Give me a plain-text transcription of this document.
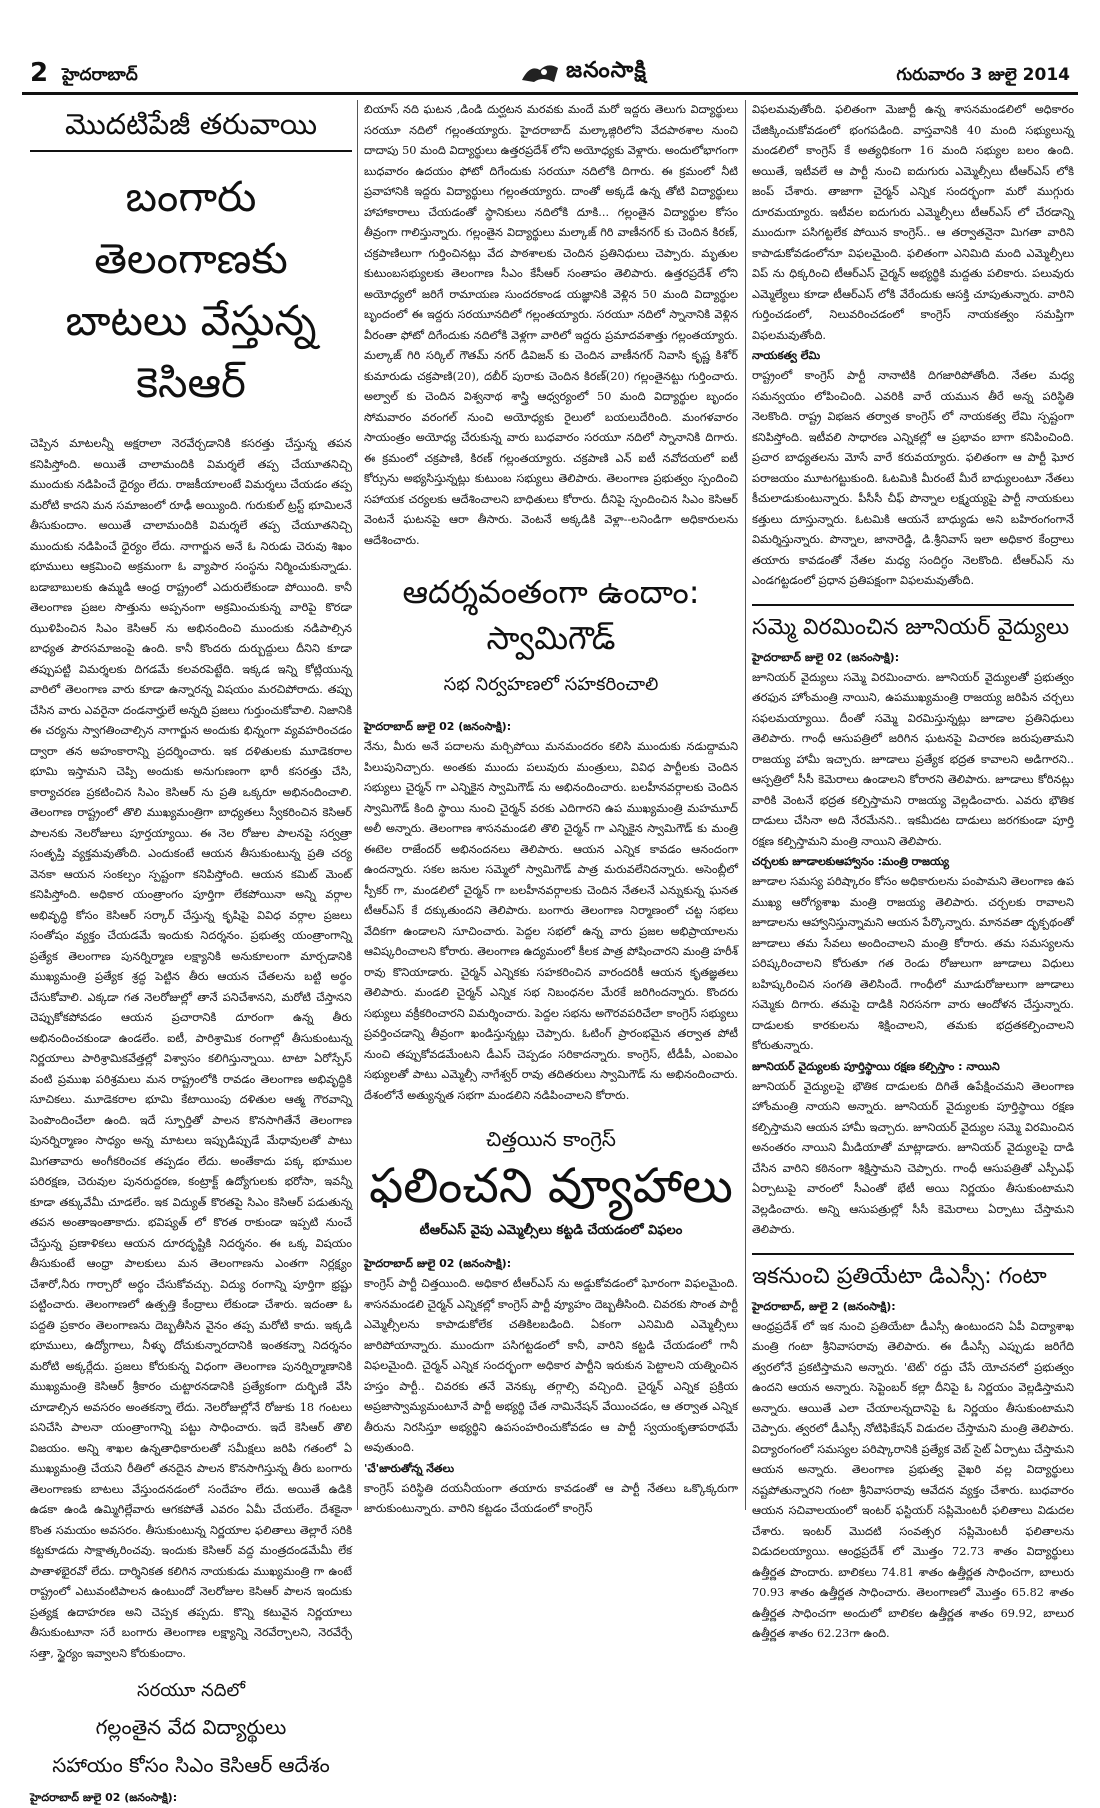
2 హైదరాబాద్	జనంసాక్షి	గురువారం 3 జులై 2014
మొదటిపేజీ తరువాయి
బంగారు తెలంగాణకు
బాటలు వేస్తున్న కెసిఆర్

చెప్పిన మాటలన్నీ అక్షరాలా నెరవేర్చడానికి కసరత్తు చేస్తున్న తపన కనిపిస్తోంది. అయితే చాలామందికి విమర్శలే తప్ప చేయూతనిచ్చి ముందుకు నడిపించే ధైర్యం లేదు. రాజకీయాలంటే విమర్శలు చేయడం తప్ప మరోటి కాదని మన సమాజంలో రూఢీ అయ్యింది. గురుకుల్ ట్రస్ట్ భూమిలనే తీసుకుందాం. అయితే చాలామందికి విమర్శలే తప్ప చేయూతనిచ్చి ముందుకు నడిపించే ధైర్యం లేదు. నాగార్జున అనే ఓ నిరుడు చెరువు శిఖం భూములు ఆక్రమించి అక్రమంగా ఓ వ్యాపార సంస్థను నిర్మించుకున్నాడు. బడాబాబులకు ఉమ్మడి ఆంధ్ర రాష్ట్రంలో ఎదురులేకుండా పోయింది. కానీ తెలంగాణ ప్రజల సొత్తును అప్పనంగా అక్రమించుకున్న వారిపై కొరడా ఝుళిపించిన సిఎం కెసిఆర్ ను అభినందించి ముందుకు నడిపాల్సిన బాధ్యత పౌరసమాజంపై ఉంది. కానీ కొందరు దుర్బుద్దులు దీనిని కూడా తప్పుపట్టి విమర్శలకు దిగడమే కలవరపెట్టేది. ఇక్కడ ఇన్ని కోట్లియున్న వారిలో తెలంగాణ వారు కూడా ఉన్నారన్న విషయం మరచిపోరాదు. తప్పు చేసిన వారు ఎవరైనా దండనార్హులే అన్నది ప్రజలు గుర్తుంచుకోవాలి. నిజానికి ఈ చర్యను స్వాగతించాల్సిన నాగార్జున అందుకు భిన్నంగా వ్యవహరించడం ద్వారా తన అహంకారాన్ని ప్రదర్శించారు. ఇక దళితులకు మూడెకరాల భూమి ఇస్తామని చెప్పి అందుకు అనుగుణంగా భారీ కసరత్తు చేసి, కార్యాచరణ ప్రకటించిన సిఎం కెసిఆర్ ను ప్రతి ఒక్కరూ అభినందించాలి. తెలంగాణ రాష్ట్రంలో తొలి ముఖ్యమంత్రిగా బాధ్యతలు స్వీకరించిన కెసిఆర్ పాలనకు నెలరోజులు పూర్తయ్యాయి. ఈ నెల రోజుల పాలనపై సర్వత్రా సంతృప్తి వ్యక్తమవుతోంది. ఎందుకంటే ఆయన తీసుకుంటున్న ప్రతి చర్య వెనకా ఆయన సంకల్పం స్పష్టంగా కనిపిస్తోంది. ఆయన కమిట్ మెంట్ కనిపిస్తోంది. అధికార యంత్రాంగం పూర్తిగా లేకపోయినా అన్ని వర్గాల అభివృద్ధి కోసం కెసిఆర్ సర్కార్ చేస్తున్న కృషిపై వివిధ వర్గాల ప్రజలు సంతోషం వ్యక్తం చేయడమే ఇందుకు నిదర్శనం. ప్రభుత్వ యంత్రాంగాన్ని ప్రత్యేక తెలంగాణ పునర్నిర్మాణ లక్ష్యానికి అనుకూలంగా మార్చడానికి ముఖ్యమంత్రి ప్రత్యేక శ్రద్ధ పెట్టిన తీరు ఆయన చేతలను బట్టి అర్థం చేసుకోవాలి. ఎక్కడా గత నెలరోజుల్లో తానే పనిచేశానని, మరోటి చేస్తానని చెప్పుకోకపోవడం ఆయన ప్రచారానికి దూరంగా ఉన్న తీరు అభినందించకుండా ఉండలేం. ఐటీ, పారిశ్రామిక రంగాల్లో తీసుకుంటున్న నిర్ణయాలు పారిశ్రామికవేత్తల్లో విశ్వాసం కలిగిస్తున్నాయి. టాటా ఏరోస్పేస్ వంటి ప్రముఖ పరిశ్రమలు మన రాష్ట్రంలోకి రావడం తెలంగాణ అభివృద్ధికి సూచికలు. మూడెకరాల భూమి కేటాయింపు దళితుల ఆత్మ గౌరవాన్ని పెంపొందించేలా ఉంది. ఇదే స్ఫూర్తితో పాలన కొనసాగితేనే తెలంగాణ పునర్నిర్మాణం సాధ్యం అన్న మాటలు ఇప్పుడిప్పుడే మేధావులతో పాటు మిగతావారు అంగీకరించక తప్పడం లేదు. అంతేకాదు పక్క భూముల పరిరక్షణ, చెరువుల పునరుద్దరణ, కంట్రాక్ట్ ఉద్యోగులకు భరోసా, ఇవన్నీ కూడా తక్కువేమీ చూడలేం. ఇక విద్యుత్ కొరతపై సిఎం కెసిఆర్ పడుతున్న తపన అంతాఇంతాకాదు. భవిష్యత్ లో కొరత రాకుండా ఇప్పటి నుంచే చేస్తున్న ప్రణాళికలు ఆయన దూరదృష్టికి నిదర్శనం. ఈ ఒక్క విషయం తీసుకుంటే ఆంధ్రా పాలకులు మన తెలంగాణను ఎంతగా నిర్లక్ష్యం చేశారో,నీరు గార్చారో అర్థం చేసుకోవచ్చు. విద్యు రంగాన్ని పూర్తిగా భ్రష్టు పట్టించారు. తెలంగాణలో ఉత్పత్తి కేంద్రాలు లేకుండా చేశారు. ఇదంతా ఓ పద్దతి ప్రకారం తెలంగాణను దెబ్బతీసిన వైనం తప్ప మరోటి కాదు. ఇక్కడి భూములు, ఉద్యోగాలు, నీళ్ళు దోచుకున్నారదానికి ఇంతకన్నా నిదర్శనం మరోటి అక్కర్లేదు. ప్రజలు కోరుకున్న విధంగా తెలంగాణ పునర్నిర్మాణానికి ముఖ్యమంత్రి కెసిఆర్ శ్రీకారం చుట్టారనడానికి ప్రత్యేకంగా దుర్భిణి వేసి చూడాల్సిన అవసరం అంతకన్నా లేదు. నెలరోజుల్లోనే రోజుకు 18 గంటలు పనిచేసి పాలనా యంత్రాంగాన్ని పట్టు సాధించారు. ఇదే కెసిఆర్ తొలి విజయం. అన్ని శాఖల ఉన్నతాధికారులతో సమీక్షలు జరిపి గతంలో ఏ ముఖ్యమంత్రి చేయని రీతిలో తనదైన పాలన కొనసాగిస్తున్న తీరు బంగారు తెలంగాణకు బాటలు వేస్తుందనడంలో సందేహం లేదు. అయితే ఉడికి ఉడకా ఉండి ఉమ్మిగిల్లేవారు ఆగకపోతే ఎవరం ఏమీ చేయలేం. దేశకైనా కొంత సమయం అవసరం. తీసుకుంటున్న నిర్ణయాల ఫలితాలు తెల్లారే సరికి కట్టకూడదు సాక్షాత్కరించవు. ఇందుకు కెసిఆర్ వద్ద మంత్రదండమేమీ లేక పాతాళభైరవో లేదు. దార్శినికత కలిగిన నాయకుడు ముఖ్యమంత్రి గా ఉంటే రాష్ట్రంలో ఎటువంటిపాలన ఉంటుందో నెలరోజుల కెసిఆర్ పాలన ఇందుకు ప్రత్యక్ష ఉదాహరణ అని చెప్పక తప్పదు. కొన్ని కటువైన నిర్ణయాలు తీసుకుంటూనా సరే బంగారు తెలంగాణ లక్ష్యాన్ని నెరవేర్చాలని, నెరవేర్చే సత్తా, స్థైర్యం ఇవ్వాలని కోరుకుందాం.

సరయూ నదిలో
గల్లంతైన వేద విద్యార్థులు
సహాయం కోసం సిఎం కెసిఆర్ ఆదేశం
హైదరాబాద్ జులై 02 (జనంసాక్షి):

బియాస్ నది ఘటన ,డిండి దుర్ఘటన మరవకు మందే మరో ఇద్దరు తెలుగు విద్యార్థులు సరయూ నదిలో గల్లంతయ్యారు. హైదరాబాద్ మల్కాజ్గిరిలోని వేదపాఠశాల నుంచి దాదాపు 50 మంది విద్యార్థులు ఉత్తరప్రదేశ్ లోని అయోధ్యకు వెళ్లారు. అందులోభాగంగా బుధవారం ఉదయం ఫోటో దిగేందుకు సరయూ నదిలోకి దిగారు. ఈ క్రమంలో నీటి ప్రవాహానికి ఇద్దరు విద్యార్థులు గల్లంతయ్యారు. దాంతో అక్కడే ఉన్న తోటి విద్యార్థులు హాహాకారాలు చేయడంతో స్థానికులు నదిలోకి దూకి... గల్లంతైన విద్యార్థుల కోసం తీవ్రంగా గాలిస్తున్నారు. గల్లంతైన విద్యార్థులు మల్కాజ్ గిరి వాణీనగర్ కు చెందిన కిరణ్, చక్రపాణిలుగా గుర్తించినట్లు వేద పాఠశాలకు చెందిన ప్రతినిధులు చెప్పారు. మృతుల కుటుంబసభ్యులకు తెలంగాణ సీఎం కేసీఆర్ సంతాపం తెలిపారు. ఉత్తరప్రదేశ్ లోని అయోధ్యలో జరిగే రామాయణ సుందరకాండ యజ్ఞానికి వెళ్లిన 50 మంది విద్యార్థుల బృందంలో ఈ ఇద్దరు సరయూనదిలో గల్లంతయ్యారు. సరయూ నదిలో స్నానానికి వెళ్లిన వీరంతా ఫోటో దిగేందుకు నదిలోకి వెళ్లగా వారిలో ఇద్దరు ప్రమాదవశాత్తు గల్లంతయ్యారు. మల్కాజ్ గిరి సర్కిల్ గౌతమ్ నగర్ డివిజన్ కు చెందిన వాణీనగర్ నివాసి కృష్ణ కిశోర్ కుమారుడు చక్రపాణి(20), దబీర్ పురాకు చెందిన కిరణ్(20) గల్లంతైనట్టు గుర్తించారు. అల్వాల్ కు చెందిన విశ్వనాథ శాస్త్రి ఆధ్వర్యంలో 50 మంది విద్యార్థుల బృందం సోమవారం వరంగల్ నుంచి అయోధ్యకు రైలులో బయలుదేరింది. మంగళవారం సాయంత్రం అయోధ్య చేరుకున్న వారు బుధవారం సరయూ నదిలో స్నానానికి దిగారు. ఈ క్రమంలో చక్రపాణి, కిరణ్ గల్లంతయ్యారు. చక్రపాణి ఎన్ ఐటీ నవోదయలో ఐటీ కోర్సును అభ్యసిస్తున్నట్లు కుటుంబ సభ్యులు తెలిపారు. తెలంగాణ ప్రభుత్వం స్పందించి సహాయక చర్యలకు ఆదేశించాలని బాధితులు కోరారు. దీనిపై స్పందించిన సిఎం కెసిఆర్ వెంటనే ఘటనపై ఆరా తీసారు. వెంటనే అక్కడికి వెళ్లా--లనిండిగా అధికారులను ఆదేశించారు.

ఆదర్శవంతంగా ఉందాం:
స్వామిగౌడ్
సభ నిర్వహణలో సహకరించాలి
హైదరాబాద్ జులై 02 (జనంసాక్షి):

నేను, మీరు అనే పదాలను మర్చిపోయి మనమందరం కలిసి ముందుకు నడుద్దామని పిలుపునిచ్చారు. అంతకు ముందు పలువురు మంత్రులు, వివిధ పార్టీలకు చెందిన సభ్యులు చైర్మన్ గా ఎన్నికైన స్వామిగౌడ్ ను అభినందించారు. బలహీనవర్గాలకు చెందిన స్వామిగౌడ్ కింది స్థాయి నుంచి చైర్మన్ వరకు ఎదిగారని ఉప ముఖ్యమంత్రి మహమూద్ అలీ అన్నారు. తెలంగాణ శాసనమండలి తొలి చైర్మన్ గా ఎన్నికైన స్వామిగౌడ్ కు మంత్రి ఈటెల రాజేందర్ అభినందనలు తెలిపారు. ఆయన ఎన్నిక కావడం ఆనందంగా ఉందన్నారు. సకల జనుల సమ్మెలో స్వామిగౌడ్ పాత్ర మరువలేనిదన్నారు. అసెంబ్లీలో స్పీకర్ గా, మండలిలో చైర్మన్ గా బలహీనవర్గాలకు చెందిన నేతలనే ఎన్నుకున్న ఘనత టీఆర్ఎస్ కే దక్కుతుందని తెలిపారు. బంగారు తెలంగాణ నిర్మాణంలో చట్ట సభలు వేదికగా ఉండాలని సూచించారు. పెద్దల సభలో ఉన్న వారు ప్రజల అభిప్రాయాలను ఆవిష్కరించాలని కోరారు. తెలంగాణ ఉద్యమంలో కీలక పాత్ర పోషించారని మంత్రి హరీశ్ రావు కొనియాడారు. చైర్మన్ ఎన్నికకు సహకరించిన వారందరికీ ఆయన కృతజ్ఞతలు తెలిపారు. మండలి చైర్మన్ ఎన్నిక సభ నిబంధనల మేరకే జరిగిందన్నారు. కొందరు సభ్యులు వక్రీకరించారని విమర్శించారు. పెద్దల సభను అగౌరవపరిచేలా కాంగ్రెస్ సభ్యులు ప్రవర్తించడాన్ని తీవ్రంగా ఖండిస్తున్నట్లు చెప్పారు. ఓటింగ్ ప్రారంభమైన తర్వాత పోటీ నుంచి తప్పుకోవడమేంటని డీఎస్ చెప్పడం సరికాదన్నారు. కాంగ్రెస్, టీడీపీ, ఎంఐఎం సభ్యులతో పాటు ఎమ్మెల్సీ నాగేశ్వర్ రావు తదితరులు స్వామిగౌడ్ ను అభినందించారు. దేశంలోనే అత్యున్నత సభగా మండలిని నడిపించాలని కోరారు.

చిత్తయిన కాంగ్రెస్
ఫలించని వ్యూహాలు
టీఆర్ఎస్ వైపు ఎమ్మెల్సీలు కట్టడి చేయడంలో విఫలం
హైదరాబాద్ జులై 02 (జనంసాక్షి):

కాంగ్రెస్ పార్టీ చిత్తయింది. అధికార టీఆర్ఎస్ ను అడ్డుకోవడంలో ఘోరంగా విఫలమైంది. శాసనమండలి చైర్మన్ ఎన్నికల్లో కాంగ్రెస్ పార్టీ వ్యూహం దెబ్బతీసింది. చివరకు సొంత పార్టీ ఎమ్మెల్సీలను కాపాడుకోలేక చతికిలబడింది. ఏకంగా ఎనిమిది ఎమ్మెల్సీలు జారిపోయాన్నారు. ముందుగా పసిగట్టడంలో కానీ, వారిని కట్టడి చేయడంలో గానీ విఫలమైంది. చైర్మన్ ఎన్నిక సందర్భంగా అధికార పార్టీని ఇరుకున పెట్టాలని యత్నించిన హస్తం పార్టీ.. చివరకు తనే వెనక్కు తగ్గాల్సి వచ్చింది. చైర్మన్ ఎన్నిక ప్రక్రియ అప్రజాస్వామ్యమంటూనే పార్టీ అభ్యర్థి చేత నామినేషన్ వేయించడం, ఆ తర్వాత ఎన్నిక తీరును నిరసిస్తూ అభ్యర్థిని ఉపసంహరించుకోవడం ఆ పార్టీ స్వయంకృతాపరాథమే అవుతుంది.

'చే'జారుతోన్న నేతలు

కాంగ్రెస్ పరిస్థితి దయనీయంగా తయారు కావడంతో ఆ పార్టీ నేతలు ఒక్కొక్కరుగా జారుకుంటున్నారు. వారిని కట్టడం చేయడంలో కాంగ్రెస్

విఫలమవుతోంది. ఫలితంగా మెజార్టీ ఉన్న శాసనమండలిలో అధికారం చేజిక్కించుకోవడంలో భంగపడింది. వాస్తవానికి 40 మంది సభ్యులున్న మండలిలో కాంగ్రెస్ కే అత్యధికంగా 16 మంది సభ్యుల బలం ఉంది. అయితే, ఇటీవలే ఆ పార్టీ నుంచి ఐదుగురు ఎమ్మెల్సీలు టీఆర్ఎస్ లోకి జంప్ చేశారు. తాజాగా చైర్మన్ ఎన్నిక సందర్భంగా మరో ముగ్గురు దూరమయ్యారు. ఇటీవల ఐదుగురు ఎమ్మెల్సీలు టీఆర్ఎస్ లో చేరడాన్ని ముందుగా పసిగట్టలేక పోయిన కాంగ్రెస్.. ఆ తర్వాతనైనా మిగతా వారిని కాపాడుకోవడంలోనూ విఫలమైంది. ఫలితంగా ఎనిమిది మంది ఎమ్మెల్సీలు విప్ ను ధిక్కరించి టీఆర్ఎస్ చైర్మన్ అభ్యర్థికి మద్దతు పలికారు. పలువురు ఎమ్మెల్యేలు కూడా టీఆర్ఎస్ లోకి వేరేందుకు ఆసక్తి చూపుతున్నారు. వారిని గుర్తించడంలో, నిలువరించడంలో కాంగ్రెస్ నాయకత్వం సమప్తిగా విఫలమవుతోంది.

నాయకత్వ లేమి

రాష్ట్రంలో కాంగ్రెస్ పార్టీ నానాటికి దిగజారిపోతోంది. నేతల మధ్య సమన్వయం లోపించింది. ఎవరికి వారే యమున తీరే అన్న పరిస్థితి నెలకొంది. రాష్ట్ర విభజన తర్వాత కాంగ్రెస్ లో నాయకత్వ లేమి స్పష్టంగా కనిపిస్తోంది. ఇటీవలి సాధారణ ఎన్నికల్లో ఆ ప్రభావం బాగా కనిపించింది. ప్రచార బాధ్యతలను మోసే వారే కరువయ్యారు. ఫలితంగా ఆ పార్టీ ఘోర పరాజయం మూటగట్టుకుంది. ఓటమికి మీరంటే మీరే బాధ్యులంటూ నేతలు కీచులాడుకుంటున్నారు. పీసీసీ చీఫ్ పొన్నాల లక్ష్మయ్యపై పార్టీ నాయకులు కత్తులు దూస్తున్నారు. ఓటమికి ఆయనే బాధ్యుడు అని బహిరంగంగానే విమర్శిస్తున్నారు. పొన్నాల, జానారెడ్డి, డి.శ్రీనివాస్ ఇలా అధికార కేంద్రాలు తయారు కావడంతో నేతల మధ్య సందిగ్ధం నెలకొంది. టీఆర్ఎస్ ను ఎండగట్టడంలో ప్రధాన ప్రతిపక్షంగా విఫలమవుతోంది.

సమ్మె విరమించిన జూనియర్ వైద్యులు
హైదరాబాద్ జులై 02 (జనంసాక్షి):

జూనియర్ వైద్యులు సమ్మె విరమించారు. జూనియర్ వైద్యులతో ప్రభుత్వం తరఫున హోంమంత్రి నాయిని, ఉపముఖ్యమంత్రి రాజయ్య జరిపిన చర్చలు సఫలమయ్యాయి. దీంతో సమ్మె విరమిస్తున్నట్లు జూడాల ప్రతినిధులు తెలిపారు. గాంధీ ఆసుపత్రిలో జరిగిన ఘటనపై విచారణ జరుపుతామని రాజయ్య హామీ ఇచ్చారు. జూడాలు ప్రత్యేక భద్రత కావాలని అడిగారని.. ఆస్పత్రిలో సీసీ కెమెరాలు ఉండాలని కోరారని తెలిపారు. జూడాలు కోరినట్లు వారికి వెంటనే భద్రత కల్పిస్తామని రాజయ్య వెల్లడించారు. ఎవరు భౌతిక దాడులు చేసినా అది నేరమేనని.. ఇకమీదట దాడులు జరగకుండా పూర్తి రక్షణ కల్పిస్తామని మంత్రి నాయిని తెలిపారు.

చర్చలకు జూడాలకుఆహ్వానం :మంత్రి రాజయ్య

జూడాల సమస్య పరిష్కారం కోసం అధికారులను పంపామని తెలంగాణ ఉప ముఖ్య ఆరోగ్యశాఖ మంత్రి రాజయ్య తెలిపారు. చర్చలకు రావాలని జూడాలను ఆహ్వానిస్తున్నామని ఆయన పేర్కొన్నారు. మానవతా దృక్పథంతో జూడాలు తమ సేవలు అందించాలని మంత్రి కోరారు. తమ సమస్యలను పరిష్కరించాలని కోరుతూ గత రెండు రోజులుగా జూడాలు విధులు బహిష్కరించిన సంగతి తెలిసిందే. గాంధీలో మూడురోజులుగా జూడాలు సమ్మెకు దిగారు. తమపై దాడికి నిరసనగా వారు ఆందోళన చేస్తున్నారు. దాడులకు కారకులను శిక్షించాలని, తమకు భద్రతకల్పించాలని కోరుతున్నారు.

జూనియర్ వైద్యులకు పూర్తిస్థాయి రక్షణ కల్పిస్తాం : నాయిని

జూనియర్ వైద్యులపై భౌతిక దాడులకు దిగితే ఉపేక్షించమని తెలంగాణ హోంమంత్రి నాయని అన్నారు. జూనియర్ వైద్యులకు పూర్తిస్థాయి రక్షణ కల్పిస్తామని ఆయన హామీ ఇచ్చారు. జూనియర్ వైద్యుల సమ్మె విరమించిన అనంతరం నాయిని మీడియాతో మాట్లాడారు. జూనియర్ వైద్యులపై దాడి చేసిన వారిని కఠినంగా శిక్షిస్తామని చెప్పారు. గాంధీ ఆసుపత్రితో ఎస్పీఎఫ్ ఏర్పాటుపై వారంలో సీఎంతో భేటీ అయి నిర్ణయం తీసుకుంటామని వెల్లడించారు. అన్ని ఆసుపత్రుల్లో సీసీ కెమెరాలు ఏర్పాటు చేస్తామని తెలిపారు.

ఇకనుంచి ప్రతియేటా డిఎస్సీ: గంటా
హైదరాబాద్, జులై 2 (జనంసాక్షి):

ఆంధ్రప్రదేశ్ లో ఇక నుంచి ప్రతియేటా డీఎస్సీ ఉంటుందని ఏపీ విద్యాశాఖ మంత్రి గంటా శ్రీనివాసరావు తెలిపారు. ఈ డీఎస్సీ ఎప్పుడు జరిగేది త్వరలోనే ప్రకటిస్తామని అన్నారు. 'టెట్' రద్దు చేసే యోచనలో ప్రభుత్వం ఉందని ఆయన అన్నారు. సెప్టెంబర్ కల్లా దీనిపై ఓ నిర్ణయం వెల్లడిస్తామని అన్నారు. ఆయితే ఎలా చేయాలన్నదానిపై ఓ నిర్ణయం తీసుకుంటామని చెప్పారు. త్వరలో డీఎస్సీ నోటిఫికేషన్ విడుదల చేస్తామని మంత్రి తెలిపారు. విద్యారంగంలో సమస్యల పరిష్కారానికి ప్రత్యేక వెబ్ సైట్ ఏర్పాటు చేస్తామని ఆయన అన్నారు. తెలంగాణ ప్రభుత్వ వైఖరి వల్ల విద్యార్థులు నష్టపోతున్నారని గంటా శ్రీనివాసరావు ఆవేదన వ్యక్తం చేశారు. బుధవారం ఆయన సచివాలయంలో ఇంటర్ ఫస్టియర్ సప్లిమెంటరీ ఫలితాలు విడుదల చేశారు. ఇంటర్ మొదటి సంవత్సర సప్లిమెంటరీ ఫలితాలను విడుదలయ్యాయి. ఆంధ్రప్రదేశ్ లో మొత్తం 72.73 శాతం విద్యార్థులు ఉత్తీర్ణత పొందారు. బాలికలు 74.81 శాతం ఉత్తీర్ణత సాధించగా, బాలురు 70.93 శాతం ఉత్తీర్ణత సాధించారు. తెలంగాణలో మొత్తం 65.82 శాతం ఉత్తీర్ణత సాధించగా అందులో బాలికల ఉత్తీర్ణత శాతం 69.92, బాలుర ఉత్తీర్ణత శాతం 62.23గా ఉంది.
